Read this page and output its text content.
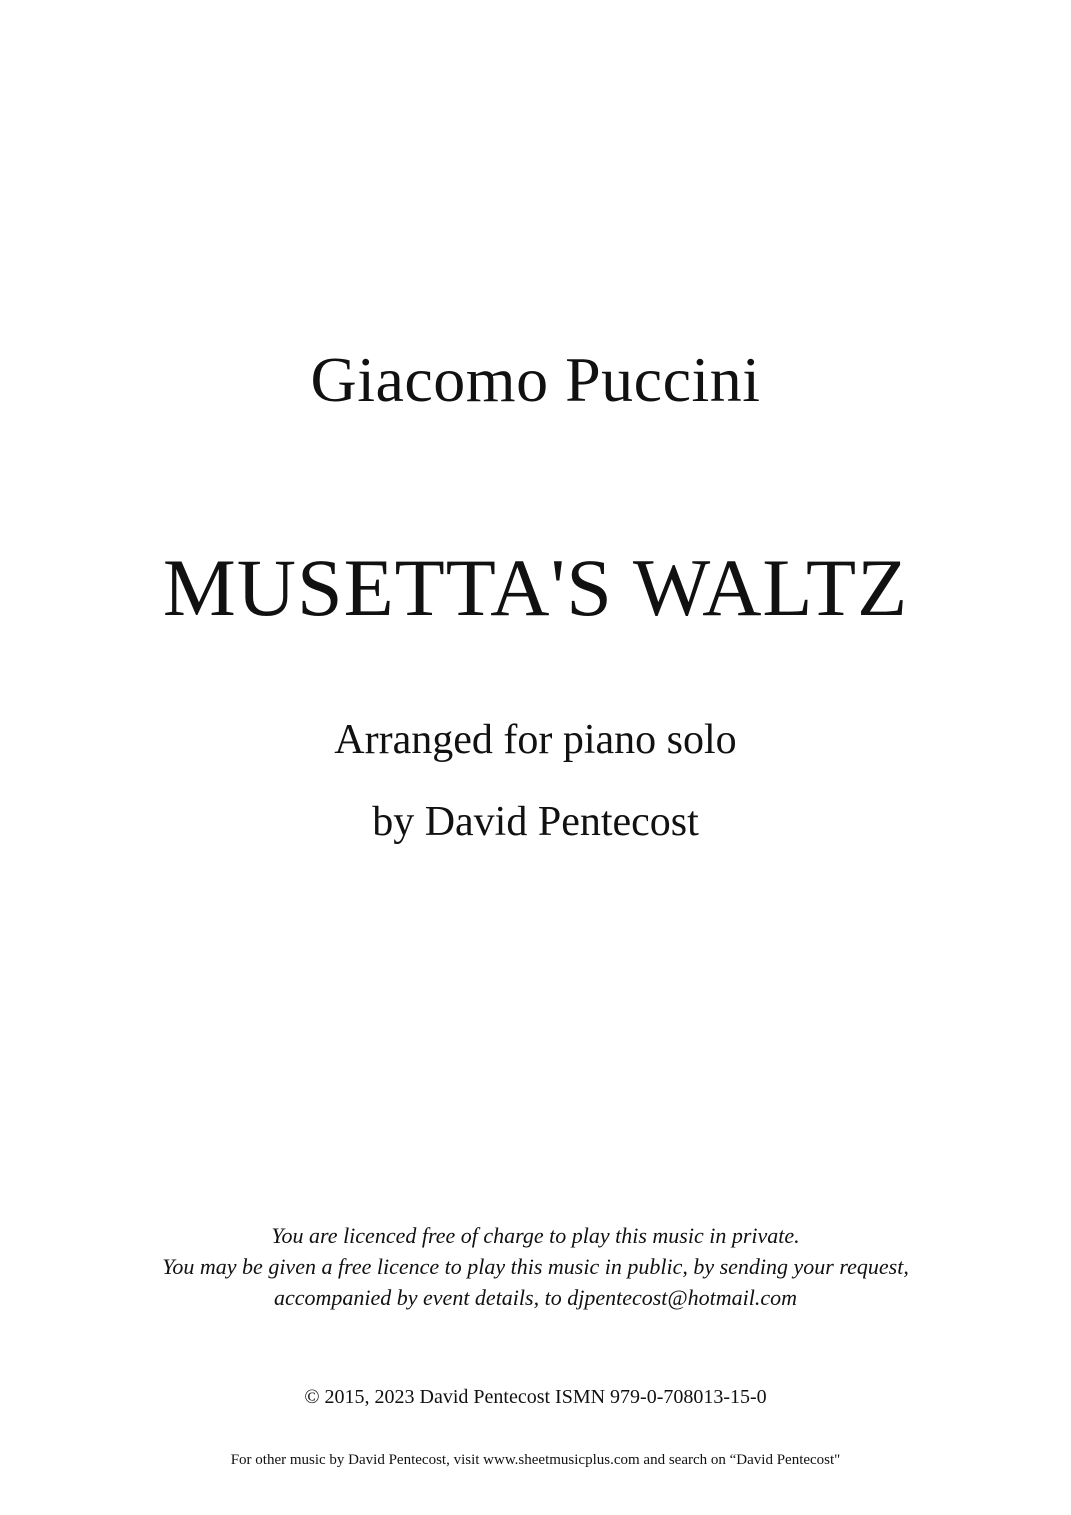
Giacomo Puccini
MUSETTA'S WALTZ
Arranged for piano solo
by David Pentecost
You are licenced free of charge to play this music in private.
You may be given a free licence to play this music in public, by sending your request,
accompanied by event details, to djpentecost@hotmail.com
© 2015, 2023 David Pentecost ISMN 979-0-708013-15-0
For other music by David Pentecost, visit www.sheetmusicplus.com and search on “David Pentecost"
